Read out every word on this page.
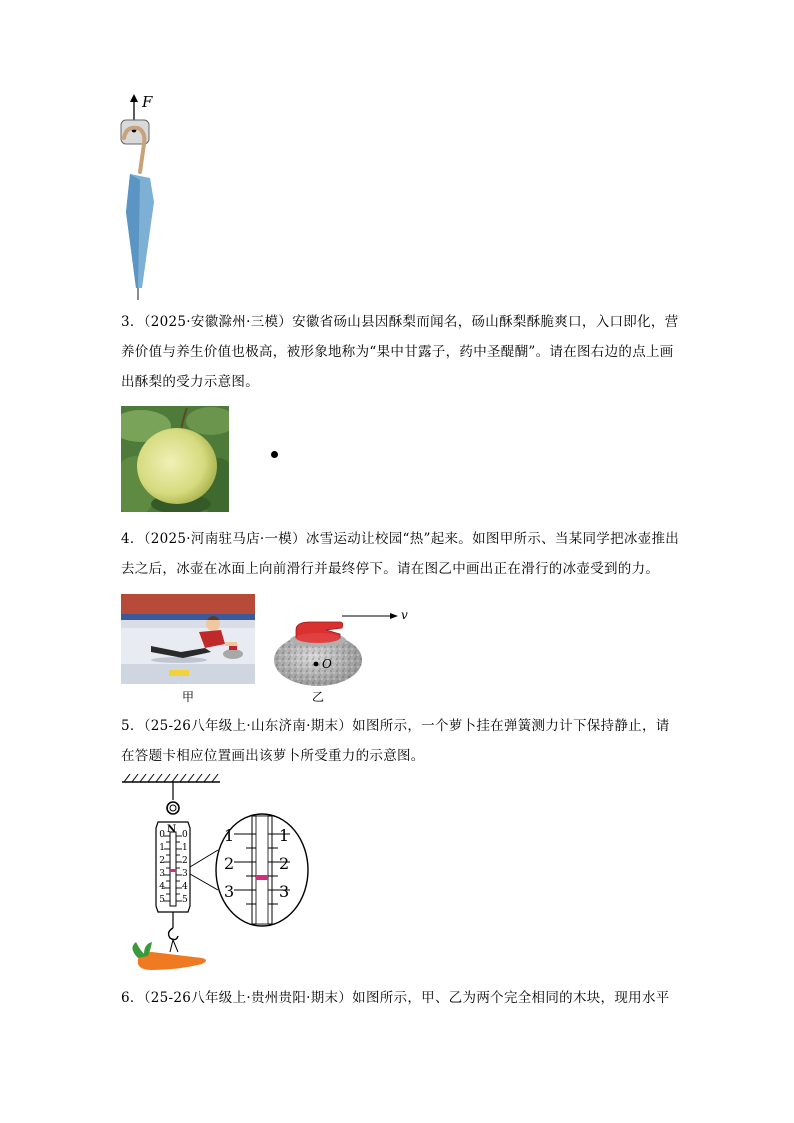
F
3．（2025·安徽滁州·三模）安徽省砀山县因酥梨而闻名，砀山酥梨酥脆爽口，入口即化，营养价值与养生价值也极高，被形象地称为“果中甘露子，药中圣醍醐”。请在图右边的点上画出酥梨的受力示意图。
4．（2025·河南驻马店·一模）冰雪运动让校园“热”起来。如图甲所示、当某同学把冰壶推出去之后，冰壶在冰面上向前滑行并最终停下。请在图乙中画出正在滑行的冰壶受到的力。
甲
v
O
乙
5．（25-26八年级上·山东济南·期末）如图所示，一个萝卜挂在弹簧测力计下保持静止，请在答题卡相应位置画出该萝卜所受重力的示意图。
N
0
1
2
3
4
5
0
1
2
3
4
5
1
2
3
1
2
3
6．（25-26八年级上·贵州贵阳·期末）如图所示，甲、乙为两个完全相同的木块，现用水平
